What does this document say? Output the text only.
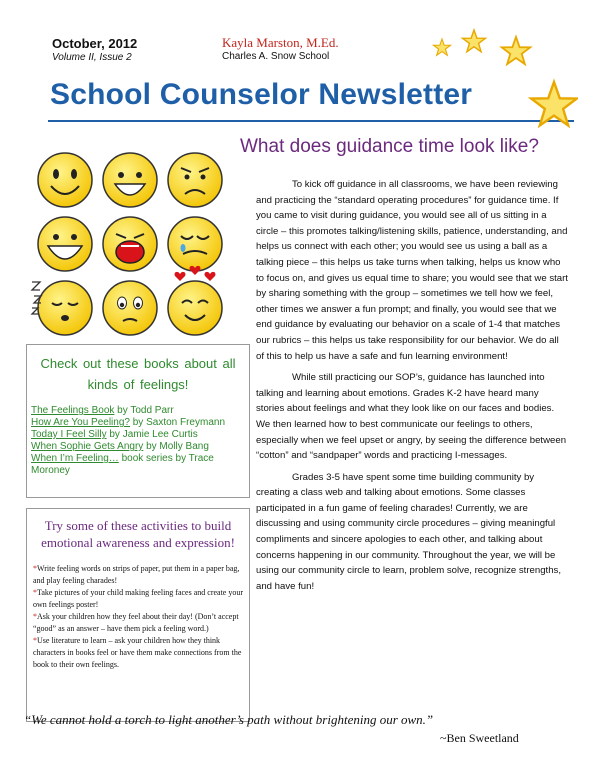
October, 2012
Volume II, Issue 2
Kayla Marston, M.Ed.
Charles A. Snow School
School Counselor Newsletter
What does guidance time look like?
Check out these books about all kinds of feelings!

The Feelings Book by Todd Parr

How Are You Peeling? by Saxton Freymann

Today I Feel Silly by Jamie Lee Curtis

When Sophie Gets Angry by Molly Bang

When I’m Feeling… book series by Trace Moroney

Try some of these activities to build emotional awareness and expression!

*Write feeling words on strips of paper, put them in a paper bag, and play feeling charades!

*Take pictures of your child making feeling faces and create your own feelings poster!

*Ask your children how they feel about their day! (Don’t accept “good” as an answer – have them pick a feeling word.)

*Use literature to learn – ask your children how they think characters in books feel or have them make connections from the book to their own feelings.

To kick off guidance in all classrooms, we have been reviewing and practicing the “standard operating procedures” for guidance time. If you came to visit during guidance, you would see all of us sitting in a circle – this promotes talking/listening skills, patience, understanding, and helps us connect with each other; you would see us using a ball as a talking piece – this helps us take turns when talking, helps us know who to focus on, and gives us equal time to share; you would see that we start by sharing something with the group – sometimes we tell how we feel, other times we answer a fun prompt; and finally, you would see that we end guidance by evaluating our behavior on a scale of 1-4 that matches our rubrics – this helps us take responsibility for our behavior. We do all of this to help us have a safe and fun learning environment!

While still practicing our SOP’s, guidance has launched into talking and learning about emotions. Grades K-2 have heard many stories about feelings and what they look like on our faces and bodies. We then learned how to best communicate our feelings to others, especially when we feel upset or angry, by seeing the difference between “cotton” and “sandpaper” words and practicing I-messages.

Grades 3-5 have spent some time building community by creating a class web and talking about emotions. Some classes participated in a fun game of feeling charades! Currently, we are discussing and using community circle procedures – giving meaningful compliments and sincere apologies to each other, and talking about concerns happening in our community. Throughout the year, we will be using our community circle to learn, problem solve, recognize strengths, and have fun!

“We cannot hold a torch to light another’s path without brightening our own.”
~Ben Sweetland
